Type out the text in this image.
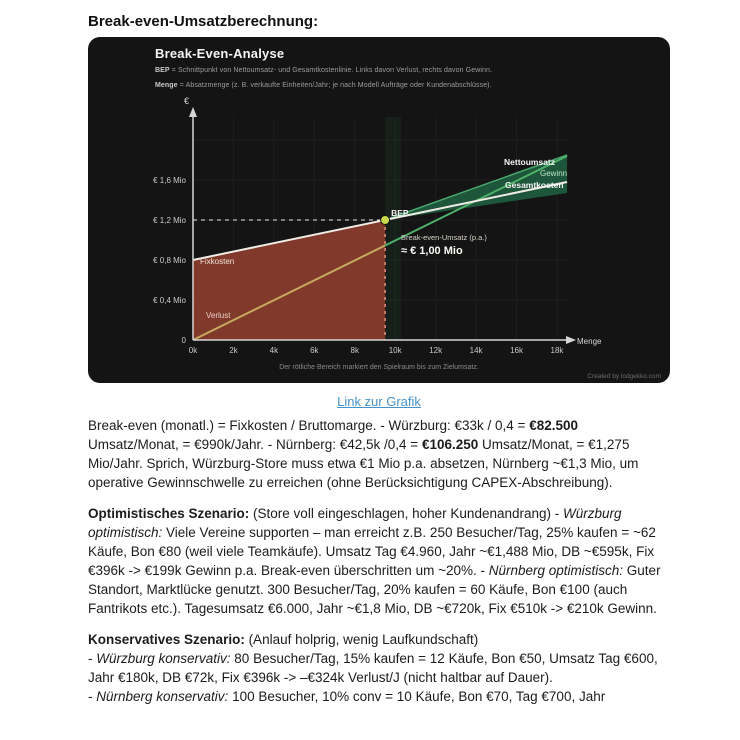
Break-even-Umsatzberechnung:
0
€ 0,4 Mio
€ 0,8 Mio
€ 1,2 Mio
€ 1,6 Mio
0k	2k	4k	6k	8k	10k	12k	14k	16k	18k
€
Menge
BEP
Fixkosten
Verlust
Nettoumsatz
Gewinn
Gesamtkosten
Break-even-Umsatz (p.a.)
≈ € 1,00 Mio
Break-Even-Analyse
BEP = Schnittpunkt von Nettoumsatz- und Gesamtkostenlinie. Links davon Verlust, rechts davon Gewinn.
Menge = Absatzmenge (z. B. verkaufte Einheiten/Jahr; je nach Modell Aufträge oder Kundenabschlüsse).
Der rötliche Bereich markiert den Spielraum bis zum Zielumsatz.
Created by lodgekko.com
Link zur Grafik

Break-even (monatl.) = Fixkosten / Bruttomarge. - Würzburg: €33k / 0,4 = €82.500 Umsatz/Monat, = €990k/Jahr. - Nürnberg: €42,5k /0,4 = €106.250 Umsatz/Monat, = €1,275 Mio/Jahr. Sprich, Würzburg-Store muss etwa €1 Mio p.a. absetzen, Nürnberg ~€1,3 Mio, um operative Gewinnschwelle zu erreichen (ohne Berücksichtigung CAPEX-Abschreibung).

Optimistisches Szenario: (Store voll eingeschlagen, hoher Kundenandrang) - Würzburg optimistisch: Viele Vereine supporten – man erreicht z.B. 250 Besucher/Tag, 25% kaufen = ~62 Käufe, Bon €80 (weil viele Teamkäufe). Umsatz Tag €4.960, Jahr ~€1,488 Mio, DB ~€595k, Fix €396k -> €199k Gewinn p.a. Break-even überschritten um ~20%. - Nürnberg optimistisch: Guter Standort, Marktlücke genutzt. 300 Besucher/Tag, 20% kaufen = 60 Käufe, Bon €100 (auch Fantrikots etc.). Tagesumsatz €6.000, Jahr ~€1,8 Mio, DB ~€720k, Fix €510k -> €210k Gewinn.

Konservatives Szenario: (Anlauf holprig, wenig Laufkundschaft)
- Würzburg konservativ: 80 Besucher/Tag, 15% kaufen = 12 Käufe, Bon €50, Umsatz Tag €600, Jahr €180k, DB €72k, Fix €396k -> –€324k Verlust/J (nicht haltbar auf Dauer).
- Nürnberg konservativ: 100 Besucher, 10% conv = 10 Käufe, Bon €70, Tag €700, Jahr
